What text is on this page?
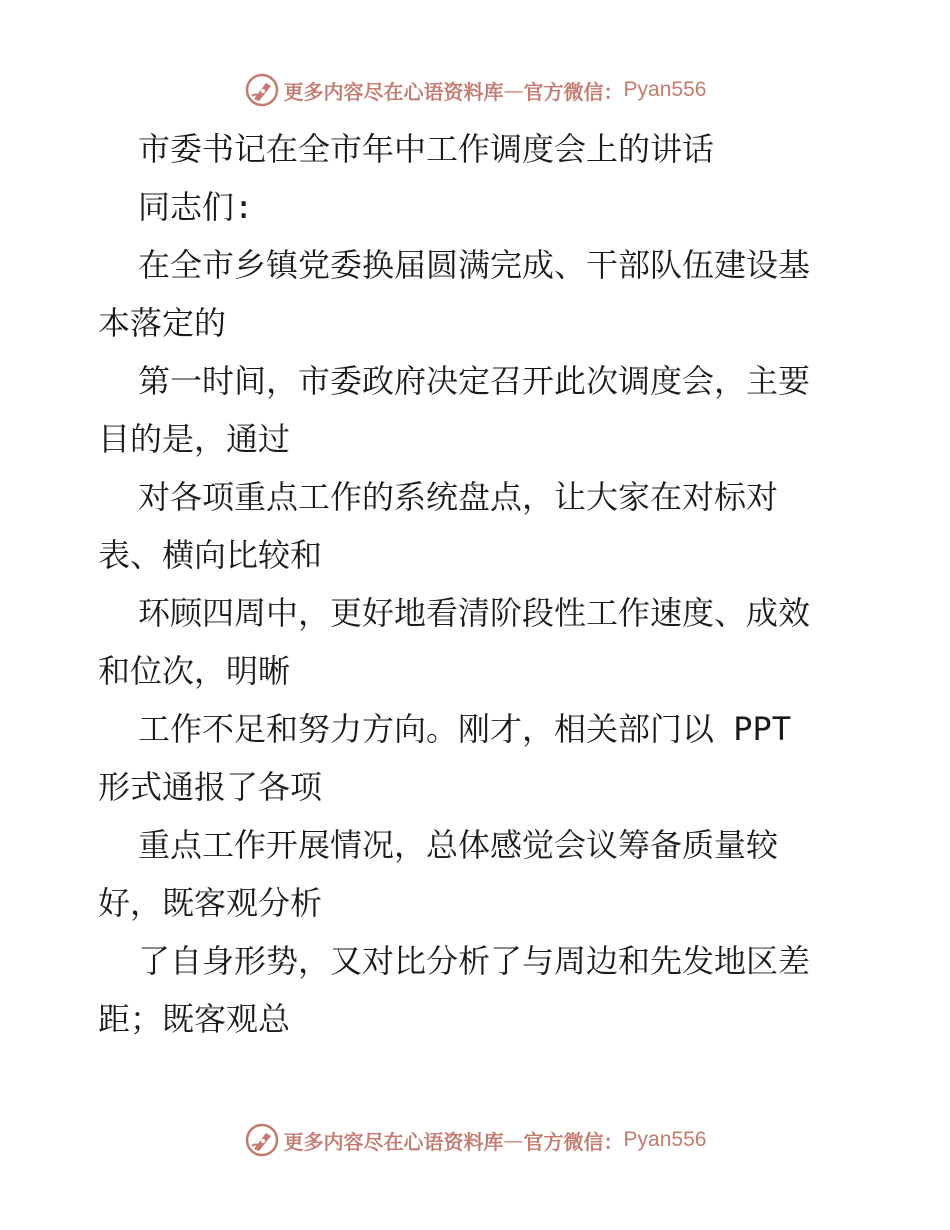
更多内容尽在心语资料库 — 官方微信： Pyan556
市委书记在全市年中工作调度会上的讲话
同志们:
在全市乡镇党委换届圆满完成、干部队伍建设基
本落定的
第一时间，市委政府决定召开此次调度会，主要
目的是，通过
对各项重点工作的系统盘点，让大家在对标对
表、横向比较和
环顾四周中，更好地看清阶段性工作速度、成效
和位次，明晰
工作不足和努力方向。刚才，相关部门以 PPT
形式通报了各项
重点工作开展情况，总体感觉会议筹备质量较
好，既客观分析
了自身形势，又对比分析了与周边和先发地区差
距；既客观总
更多内容尽在心语资料库 — 官方微信： Pyan556
